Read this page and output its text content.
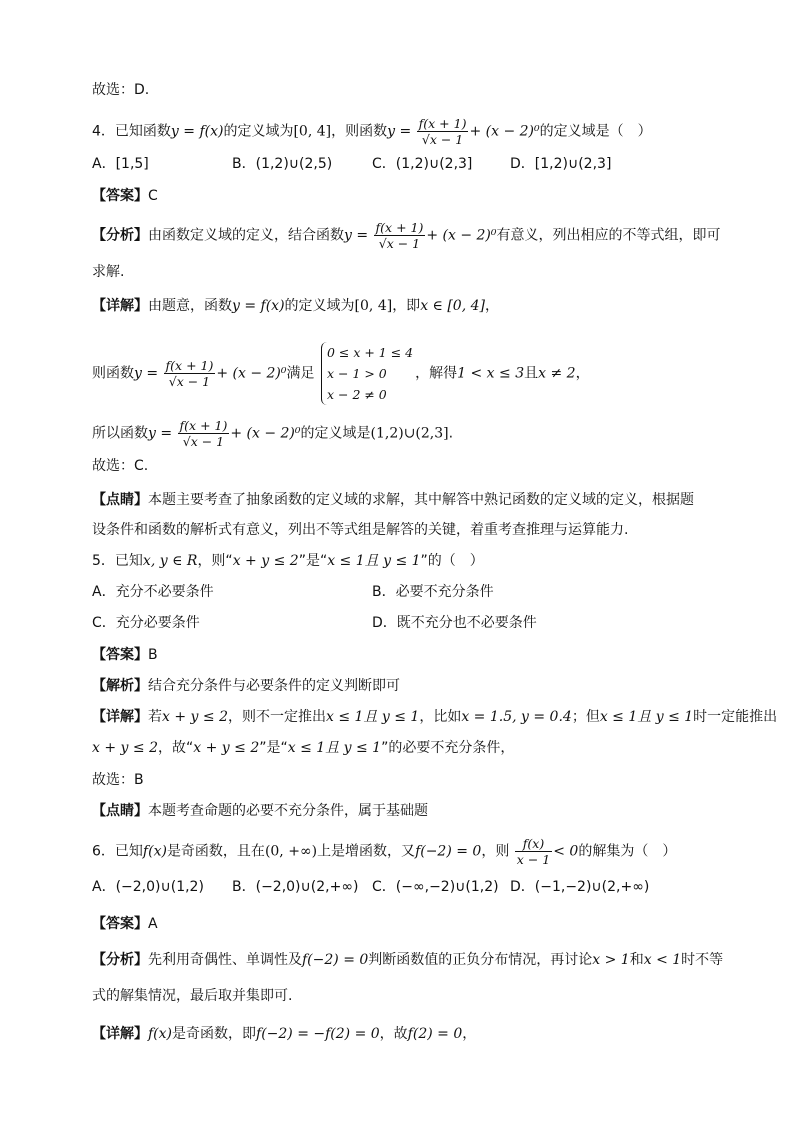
故选：D.
4．已知函数y = f(x)的定义域为[0, 4]，则函数$y = \frac{f(x + 1)}{√x - 1} + (x - 2)^0$的定义域是（　）
A．[1,5]	B．(1,2)∪(2,5)	C．(1,2)∪(2,3]	D．[1,2)∪(2,3]
【答案】C
【分析】由函数定义域的定义，结合函数$y = \frac{f(x + 1)}{√x - 1} + (x - 2)^0$有意义，列出相应的不等式组，即可
求解.
【详解】由题意，函数y = f(x)的定义域为[0, 4]，即x ∈ [0, 4]，
则函数$y = \frac{f(x + 1)}{√x - 1} + (x - 2)^0$满足
0 ≤ x + 1 ≤ 4
x − 1 > 0
x − 2 ≠ 0
，解得1 < x ≤ 3且x ≠ 2，
所以函数$y = \frac{f(x + 1)}{√x - 1} + (x - 2)^0$的定义域是(1,2)∪(2,3].
故选：C.
【点睛】本题主要考查了抽象函数的定义域的求解，其中解答中熟记函数的定义域的定义，根据题
设条件和函数的解析式有意义，列出不等式组是解答的关键，着重考查推理与运算能力.
5．已知x, y ∈ R，则“x + y ≤ 2”是“x ≤ 1且 y ≤ 1”的（　）
A．充分不必要条件	B．必要不充分条件
C．充分必要条件	D．既不充分也不必要条件
【答案】B
【解析】结合充分条件与必要条件的定义判断即可
【详解】若x + y ≤ 2，则不一定推出x ≤ 1且 y ≤ 1，比如x = 1.5, y = 0.4；但x ≤ 1且 y ≤ 1时一定能推出
x + y ≤ 2，故“x + y ≤ 2”是“x ≤ 1且 y ≤ 1”的必要不充分条件，
故选：B
【点睛】本题考查命题的必要不充分条件，属于基础题
6．已知f(x)是奇函数，且在(0, +∞)上是增函数，又f(−2) = 0，则 $\frac{f(x)}{x - 1} < 0$的解集为（　）
A．(−2,0)∪(1,2) B．(−2,0)∪(2,+∞) C．(−∞,−2)∪(1,2) D．(−1,−2)∪(2,+∞)
【答案】A
【分析】先利用奇偶性、单调性及f(−2) = 0判断函数值的正负分布情况，再讨论x > 1和x < 1时不等
式的解集情况，最后取并集即可.
【详解】f(x)是奇函数，即f(−2) = −f(2) = 0，故f(2) = 0，
